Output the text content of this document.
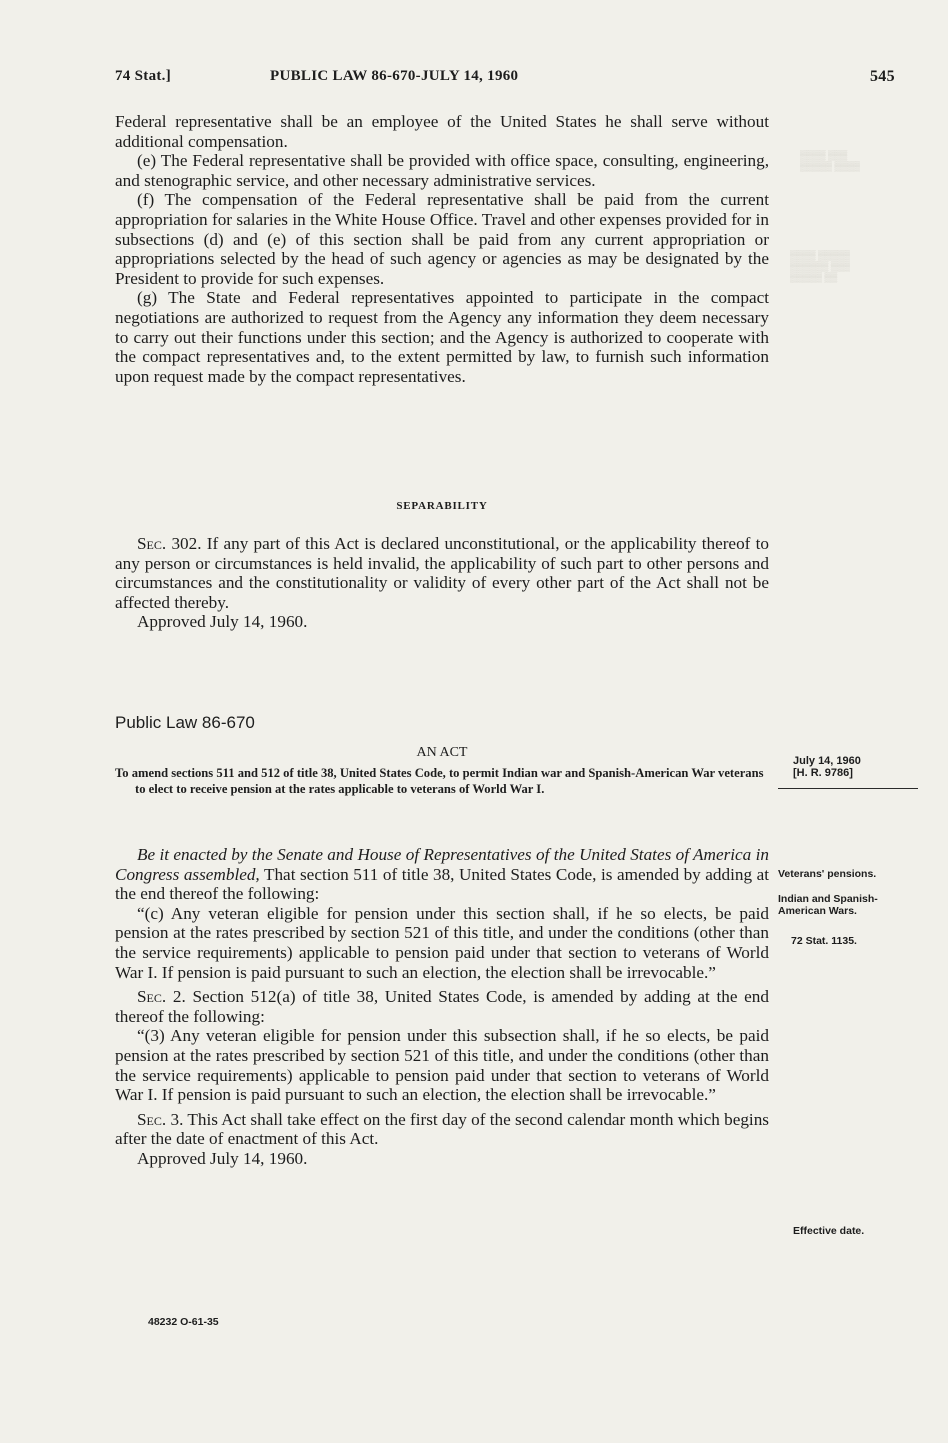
74 Stat.]	PUBLIC LAW 86-670-JULY 14, 1960	545
▒▒▒▒ ▒▒▒
▒▒▒▒▒ ▒▒▒▒
▒▒▒▒ ▒▒▒▒▒
▒▒▒▒▒▒ ▒▒▒
▒▒▒▒▒ ▒▒

Federal representative shall be an employee of the United States he shall serve without additional compensation.

(e) The Federal representative shall be provided with office space, consulting, engineering, and stenographic service, and other necessary administrative services.

(f) The compensation of the Federal representative shall be paid from the current appropriation for salaries in the White House Office. Travel and other expenses provided for in subsections (d) and (e) of this section shall be paid from any current appropriation or appropriations selected by the head of such agency or agencies as may be designated by the President to provide for such expenses.

(g) The State and Federal representatives appointed to participate in the compact negotiations are authorized to request from the Agency any information they deem necessary to carry out their functions under this section; and the Agency is authorized to cooperate with the compact representatives and, to the extent permitted by law, to furnish such information upon request made by the compact representatives.

SEPARABILITY

Sec. 302. If any part of this Act is declared unconstitutional, or the applicability thereof to any person or circumstances is held invalid, the applicability of such part to other persons and circumstances and the constitutionality or validity of every other part of the Act shall not be affected thereby.

Approved July 14, 1960.

Public Law 86-670
AN ACT
To amend sections 511 and 512 of title 38, United States Code, to permit Indian war and Spanish-American War veterans to elect to receive pension at the rates applicable to veterans of World War I.

Be it enacted by the Senate and House of Representatives of the United States of America in Congress assembled, That section 511 of title 38, United States Code, is amended by adding at the end thereof the following:

“(c) Any veteran eligible for pension under this section shall, if he so elects, be paid pension at the rates prescribed by section 521 of this title, and under the conditions (other than the service requirements) applicable to pension paid under that section to veterans of World War I. If pension is paid pursuant to such an election, the election shall be irrevocable.”

Sec. 2. Section 512(a) of title 38, United States Code, is amended by adding at the end thereof the following:

“(3) Any veteran eligible for pension under this subsection shall, if he so elects, be paid pension at the rates prescribed by section 521 of this title, and under the conditions (other than the service requirements) applicable to pension paid under that section to veterans of World War I. If pension is paid pursuant to such an election, the election shall be irrevocable.”

Sec. 3. This Act shall take effect on the first day of the second calendar month which begins after the date of enactment of this Act.

Approved July 14, 1960.

July 14, 1960
[H. R. 9786]
Veterans' pensions.
Indian and Spanish-American Wars.
72 Stat. 1135.
Effective date.
48232 O-61-35
